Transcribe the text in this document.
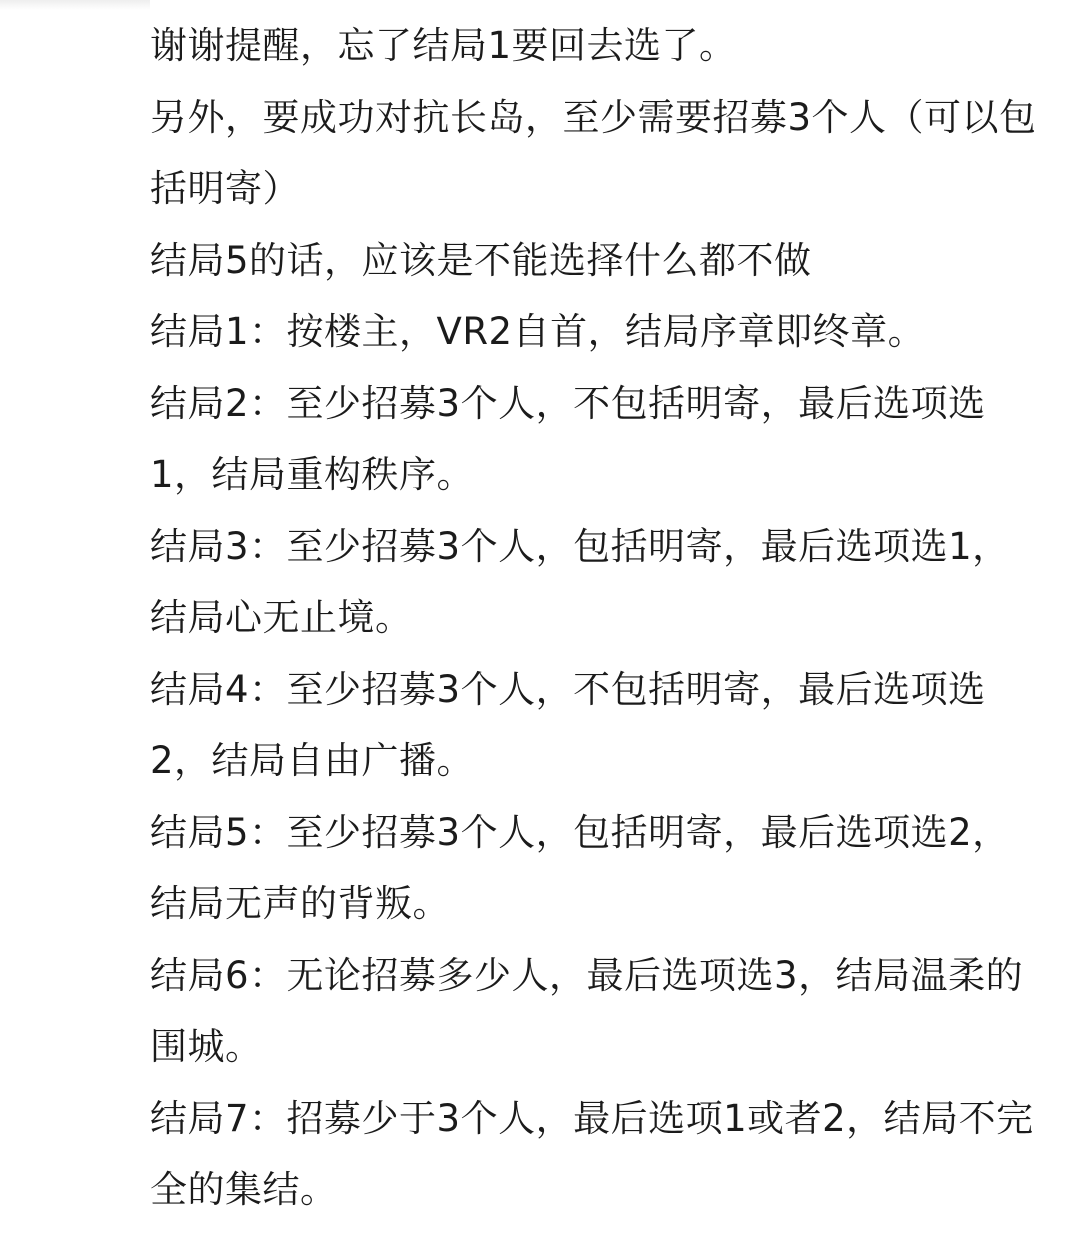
谢谢提醒，忘了结局1要回去选了。

另外，要成功对抗长岛，至少需要招募3个人（可以包括明寄）

结局5的话，应该是不能选择什么都不做

结局1：按楼主，VR2自首，结局序章即终章。

结局2：至少招募3个人，不包括明寄，最后选项选1，结局重构秩序。

结局3：至少招募3个人，包括明寄，最后选项选1，结局心无止境。

结局4：至少招募3个人，不包括明寄，最后选项选2，结局自由广播。

结局5：至少招募3个人，包括明寄，最后选项选2，结局无声的背叛。

结局6：无论招募多少人，最后选项选3，结局温柔的围城。

结局7：招募少于3个人，最后选项1或者2，结局不完全的集结。
